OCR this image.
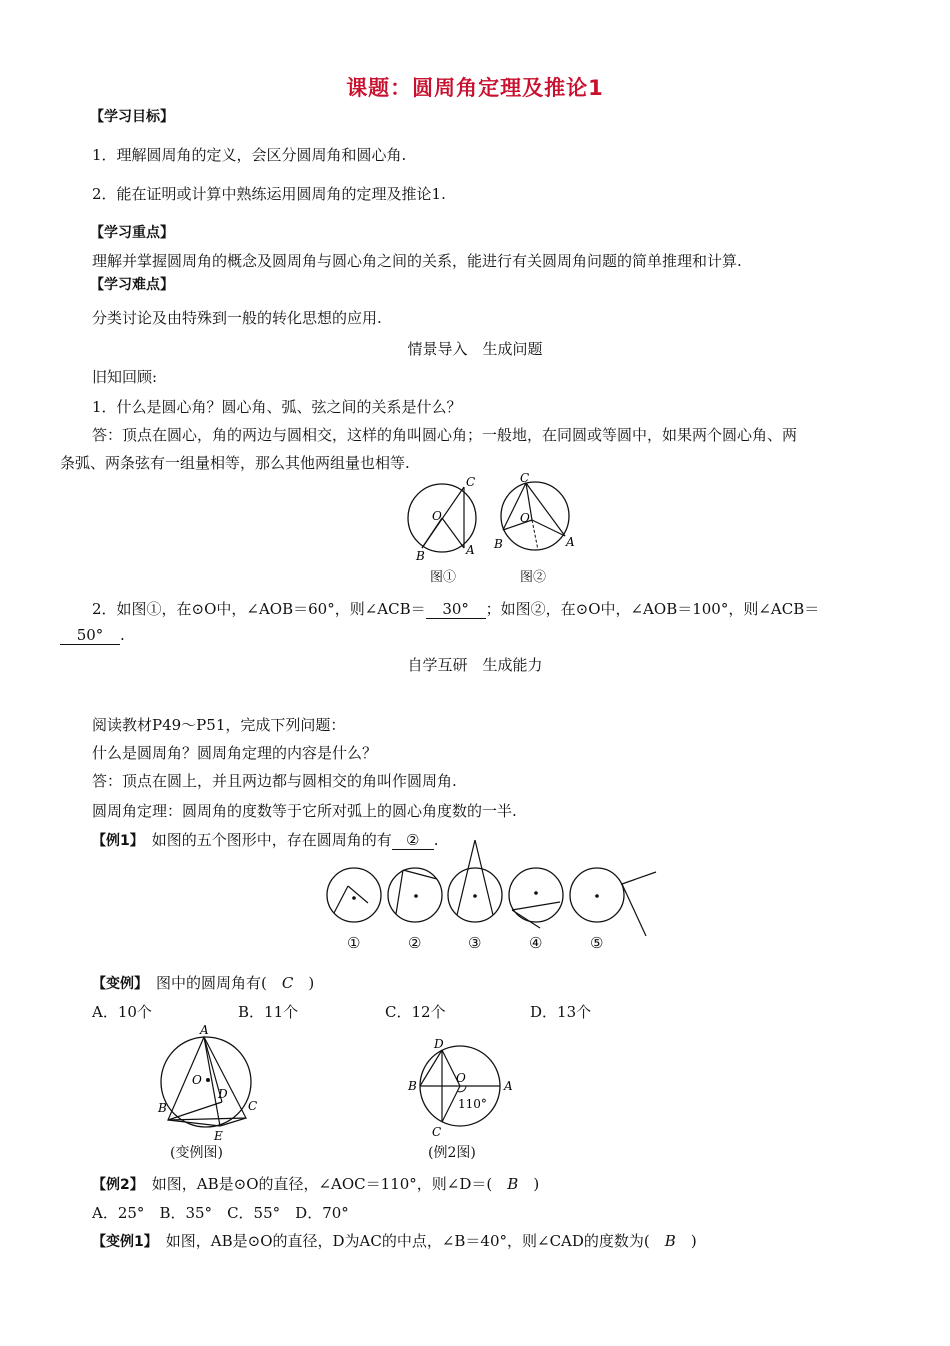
课题：圆周角定理及推论1
【学习目标】
1．理解圆周角的定义，会区分圆周角和圆心角.
2．能在证明或计算中熟练运用圆周角的定理及推论1.
【学习重点】
理解并掌握圆周角的概念及圆周角与圆心角之间的关系，能进行有关圆周角问题的简单推理和计算.
【学习难点】
分类讨论及由特殊到一般的转化思想的应用.
情景导入　生成问题
旧知回顾:
1．什么是圆心角？圆心角、弧、弦之间的关系是什么？
答：顶点在圆心，角的两边与圆相交，这样的角叫圆心角；一般地，在同圆或等圆中，如果两个圆心角、两
条弧、两条弦有一组量相等，那么其他两组量也相等.
C
O
B	A
C
O
B	A
图①	图②
2．如图①，在⊙O中，∠AOB＝60°，则∠ACB＝ 30° ；如图②，在⊙O中，∠AOB＝100°，则∠ACB＝
50° .
自学互研　生成能力
阅读教材P49～P51，完成下列问题：
什么是圆周角？圆周角定理的内容是什么？
答：顶点在圆上，并且两边都与圆相交的角叫作圆周角.
圆周角定理：圆周角的度数等于它所对弧上的圆心角度数的一半.
【例1】　 如图的五个图形中，存在圆周角的有 ② .
①	②	③	④	⑤
【变例】　 图中的圆周角有(　 C　 )
A．10个	B．11个	C．12个	D．13个
A
O
D
B	C
E
(变例图)
D
B
O
A
C
110°
(例2图)
【例2】　 如图，AB是⊙O的直径，∠AOC＝110°，则∠D＝(　 B　 )
A．25°　 B．35°　 C．55°　 D．70°
【变例1】　 如图，AB是⊙O的直径，D为AC的中点，∠B＝40°，则∠CAD的度数为(　 B　 )
